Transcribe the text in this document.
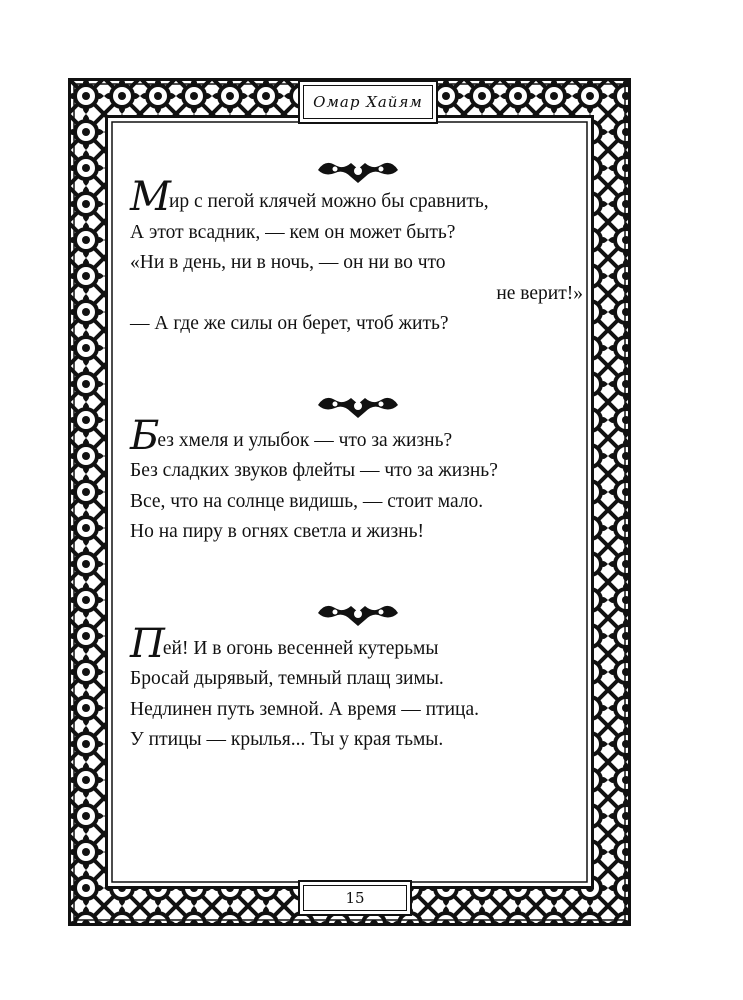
Омар Хайям
Мир с пегой клячей можно бы сравнить,
А этот всадник, — кем он может быть?
«Ни в день, ни в ночь, — он ни во что
не верит!»
— А где же силы он берет, чтоб жить?
Без хмеля и улыбок — что за жизнь?
Без сладких звуков флейты — что за жизнь?
Все, что на солнце видишь, — стоит мало.
Но на пиру в огнях светла и жизнь!
Пей! И в огонь весенней кутерьмы
Бросай дырявый, темный плащ зимы.
Недлинен путь земной. А время — птица.
У птицы — крылья... Ты у края тьмы.
15
